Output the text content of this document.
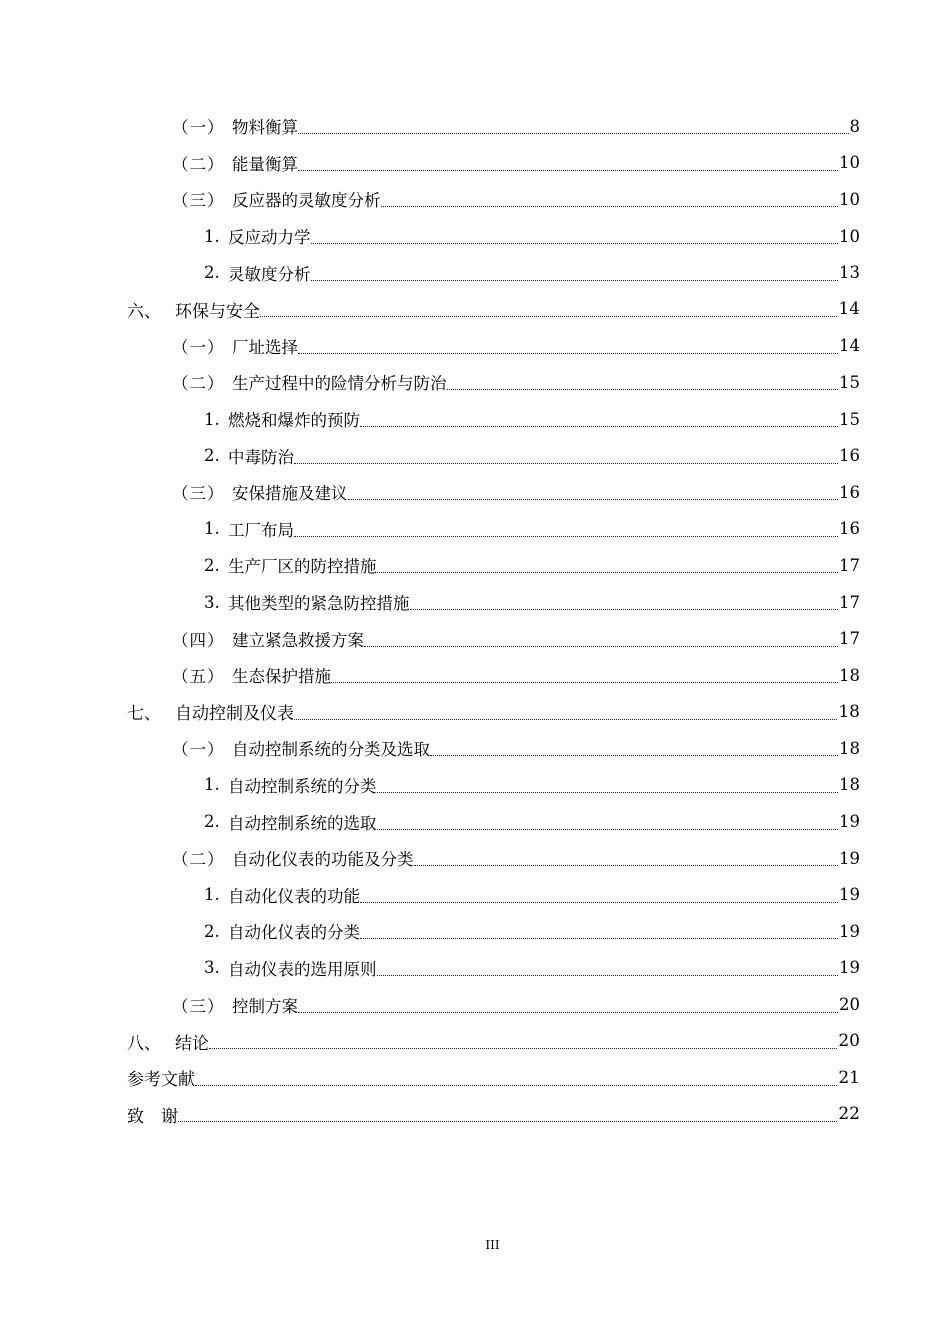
（一） 物料衡算	8
（二） 能量衡算	10
（三） 反应器的灵敏度分析	10
1. 反应动力学	10
2. 灵敏度分析	13
六、 环保与安全	14
（一） 厂址选择	14
（二） 生产过程中的险情分析与防治	15
1. 燃烧和爆炸的预防	15
2. 中毒防治	16
（三） 安保措施及建议	16
1. 工厂布局	16
2. 生产厂区的防控措施	17
3. 其他类型的紧急防控措施	17
（四） 建立紧急救援方案	17
（五） 生态保护措施	18
七、 自动控制及仪表	18
（一） 自动控制系统的分类及选取	18
1. 自动控制系统的分类	18
2. 自动控制系统的选取	19
（二） 自动化仪表的功能及分类	19
1. 自动化仪表的功能	19
2. 自动化仪表的分类	19
3. 自动仪表的选用原则	19
（三） 控制方案	20
八、 结论	20
参考文献	21
致　谢	22
III
